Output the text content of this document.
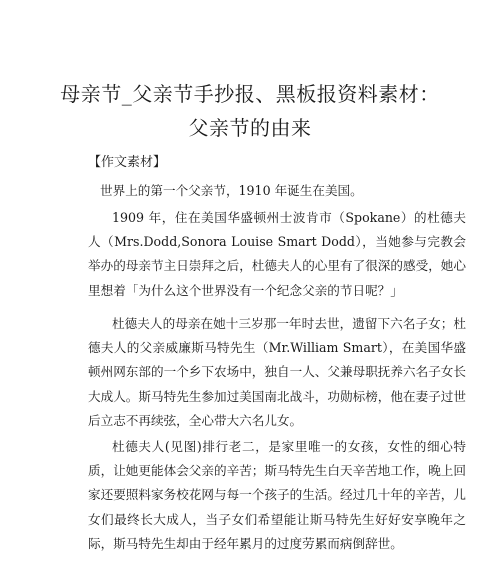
母亲节_父亲节手抄报、黑板报资料素材：
父亲节的由来
【作文素材】

世界上的第一个父亲节，1910 年诞生在美国。

1909 年，住在美国华盛顿州士波肯市（Spokane）的杜德夫人（Mrs.Dodd,Sonora Louise Smart Dodd），当她参与完教会举办的母亲节主日崇拜之后，杜德夫人的心里有了很深的感受，她心里想着「为什么这个世界没有一个纪念父亲的节日呢？」

杜德夫人的母亲在她十三岁那一年时去世，遗留下六名子女；杜德夫人的父亲威廉斯马特先生（Mr.William Smart），在美国华盛顿州网东部的一个乡下农场中，独自一人、父兼母职抚养六名子女长大成人。斯马特先生参加过美国南北战斗，功勋标榜，他在妻子过世后立志不再续弦，全心带大六名儿女。

杜德夫人(见图)排行老二，是家里唯一的女孩，女性的细心特质，让她更能体会父亲的辛苦；斯马特先生白天辛苦地工作，晚上回家还要照料家务校花网与每一个孩子的生活。经过几十年的辛苦，儿女们最终长大成人，当子女们希望能让斯马特先生好好安享晚年之际，斯马特先生却由于经年累月的过度劳累而病倒辞世。
